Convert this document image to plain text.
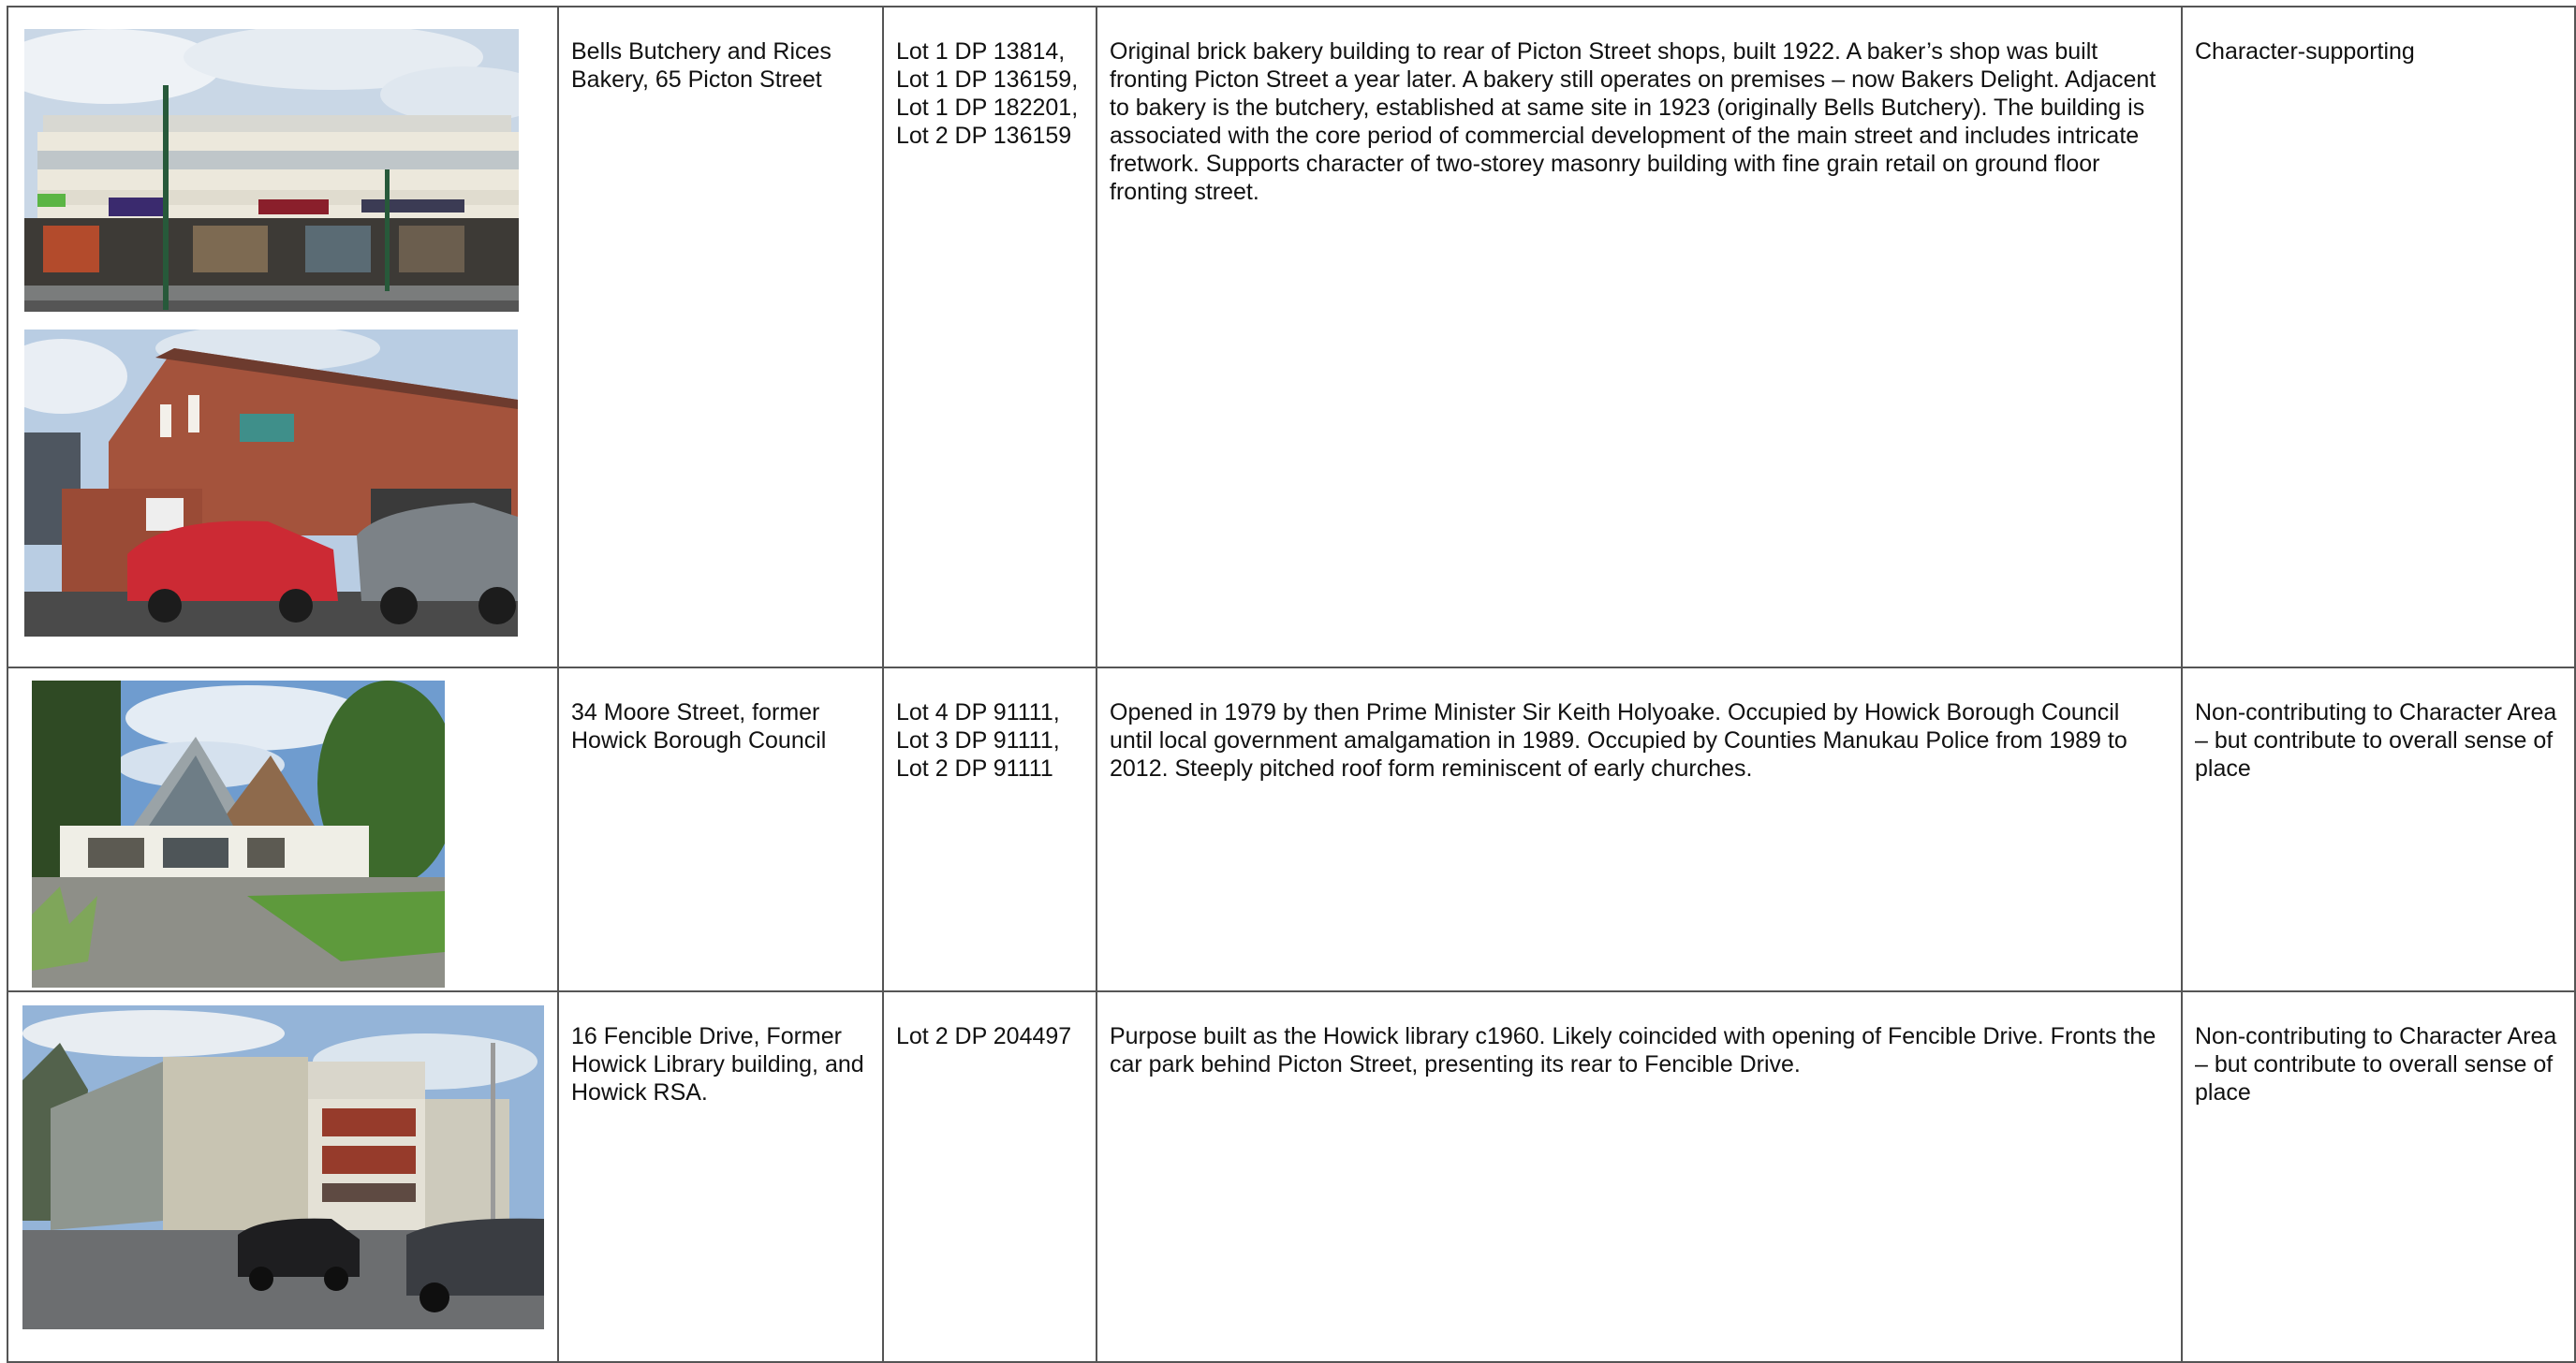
	Bells Butchery and Rices Bakery, 65 Picton Street	Lot 1 DP 13814, Lot 1 DP 136159, Lot 1 DP 182201, Lot 2 DP 136159	Original brick bakery building to rear of Picton Street shops, built 1922. A baker’s shop was built fronting Picton Street a year later. A bakery still operates on premises – now Bakers Delight. Adjacent to bakery is the butchery, established at same site in 1923 (originally Bells Butchery). The building is associated with the core period of commercial development of the main street and includes intricate fretwork. Supports character of two-storey masonry building with fine grain retail on ground floor fronting street.	Character-supporting

	34 Moore Street, former Howick Borough Council	Lot 4 DP 91111, Lot 3 DP 91111, Lot 2 DP 91111	Opened in 1979 by then Prime Minister Sir Keith Holyoake. Occupied by Howick Borough Council until local government amalgamation in 1989. Occupied by Counties Manukau Police from 1989 to 2012. Steeply pitched roof form reminiscent of early churches.	Non-contributing to Character Area – but contribute to overall sense of place

	16 Fencible Drive, Former Howick Library building, and Howick RSA.	Lot 2 DP 204497	Purpose built as the Howick library c1960. Likely coincided with opening of Fencible Drive. Fronts the car park behind Picton Street, presenting its rear to Fencible Drive.	Non-contributing to Character Area – but contribute to overall sense of place
